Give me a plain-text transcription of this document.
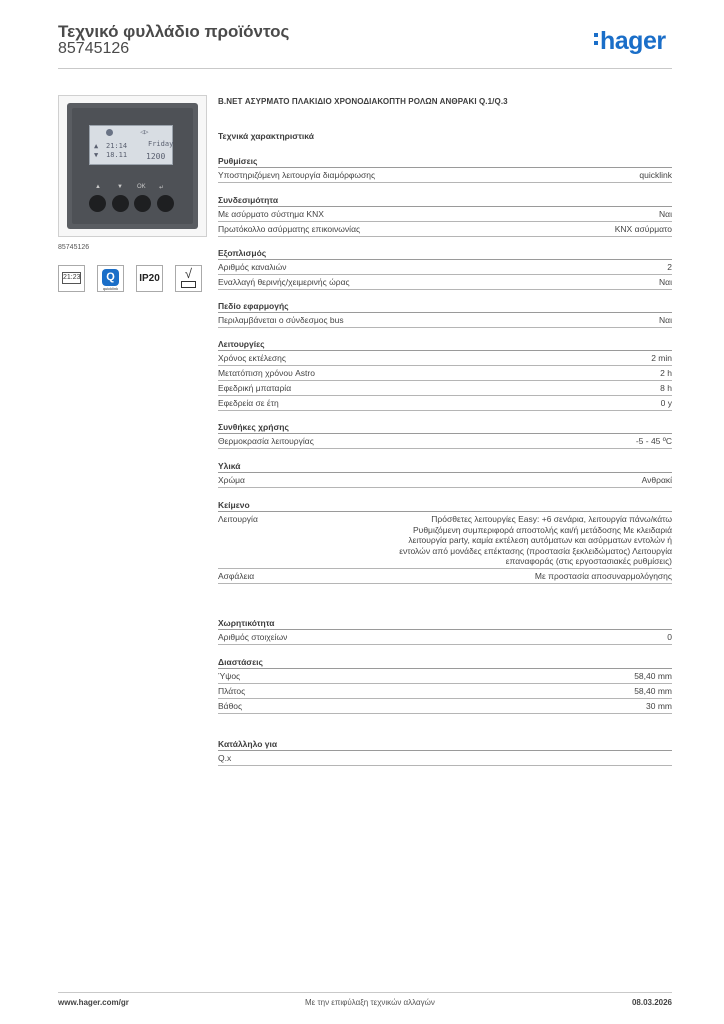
Τεχνικό φυλλάδιο προϊόντος
85745126	hager
◁▷
▲
▼
21:14
18.11
Friday
1200
▲	▼ OK ↵
85745126
21:23	Q
quicklink
IP20	√
B.NET ΑΣΥΡΜΑΤΟ ΠΛΑΚΙΔΙΟ ΧΡΟΝΟΔΙΑΚΟΠΤΗ ΡΟΛΩΝ ΑΝΘΡΑΚΙ Q.1/Q.3
Τεχνικά χαρακτηριστικά
Ρυθμίσεις
Υποστηριζόμενη λειτουργία διαμόρφωσης	quicklink
Συνδεσιμότητα
Με ασύρματο σύστημα KNX	Ναι
Πρωτόκολλο ασύρματης επικοινωνίας	KNX ασύρματο
Εξοπλισμός
Αριθμός καναλιών	2
Εναλλαγή θερινής/χειμερινής ώρας	Ναι
Πεδίο εφαρμογής
Περιλαμβάνεται ο σύνδεσμος bus	Ναι
Λειτουργίες
Χρόνος εκτέλεσης	2 min
Μετατόπιση χρόνου Astro	2 h
Εφεδρική μπαταρία	8 h
Εφεδρεία σε έτη	0 y
Συνθήκες χρήσης
Θερμοκρασία λειτουργίας	-5 - 45 ºC
Υλικά
Χρώμα	Ανθρακί
Κείμενο
Λειτουργία	Πρόσθετες λειτουργίες Easy: +6 σενάρια, λειτουργία πάνω/κάτω Ρυθμιζόμενη συμπεριφορά αποστολής και/ή μετάδοσης Με κλειδαριά λειτουργία party, καμία εκτέλεση αυτόματων και ασύρματων εντολών ή εντολών από μονάδες επέκτασης (προστασία ξεκλειδώματος) Λειτουργία επαναφοράς (στις εργοστασιακές ρυθμίσεις)
Ασφάλεια	Με προστασία αποσυναρμολόγησης
Χωρητικότητα
Αριθμός στοιχείων	0
Διαστάσεις
Ύψος	58,40 mm
Πλάτος	58,40 mm
Βάθος	30 mm
Κατάλληλο για
Q.x
www.hager.com/gr	Με την επιφύλαξη τεχνικών αλλαγών	08.03.2026
